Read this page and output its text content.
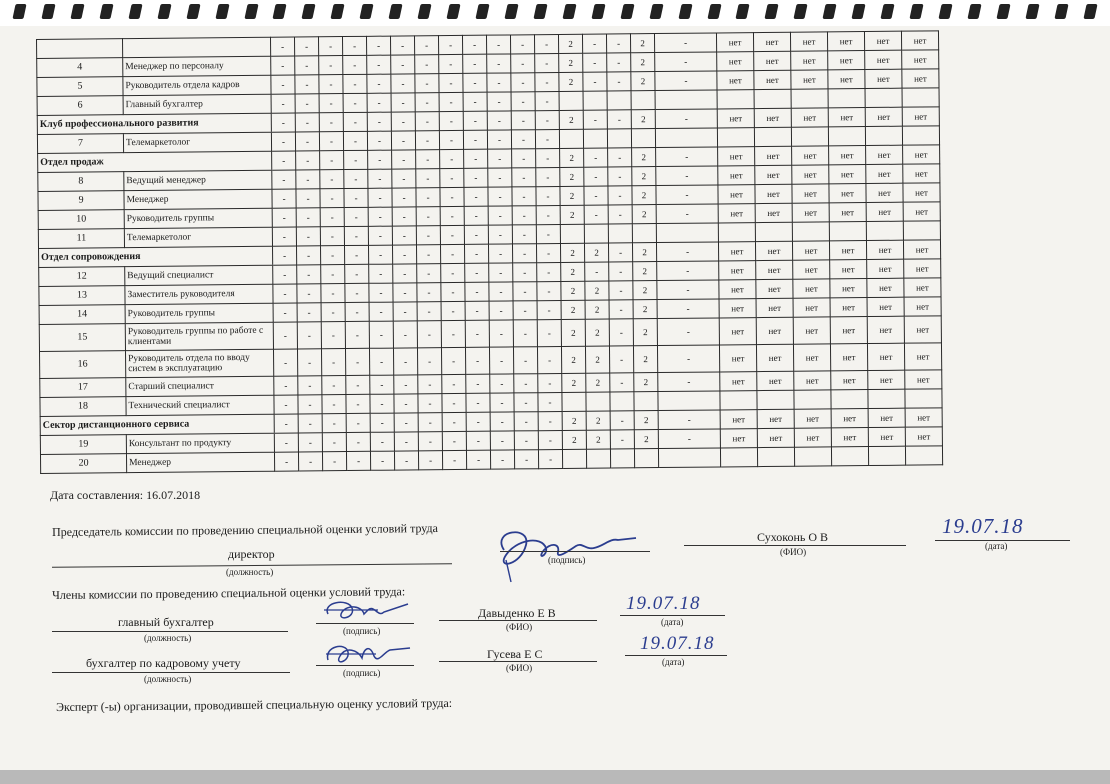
		-	-	-	-	-	-	-	-	-	-	-	-	2	-	-	2	-	нет	нет	нет	нет	нет	нет
4	Менеджер по персоналу	-	-	-	-	-	-	-	-	-	-	-	-	2	-	-	2	-	нет	нет	нет	нет	нет	нет
5	Руководитель отдела кадров	-	-	-	-	-	-	-	-	-	-	-	-	2	-	-	2	-	нет	нет	нет	нет	нет	нет
6	Главный бухгалтер	-	-	-	-	-	-	-	-	-	-	-	-											
Клуб профессионального развития		-	-	-	-	-	-	-	-	-	-	-	-	2	-	-	2	-	нет	нет	нет	нет	нет	нет
7	Телемаркетолог	-	-	-	-	-	-	-	-	-	-	-	-											
Отдел продаж		-	-	-	-	-	-	-	-	-	-	-	-	2	-	-	2	-	нет	нет	нет	нет	нет	нет
8	Ведущий менеджер	-	-	-	-	-	-	-	-	-	-	-	-	2	-	-	2	-	нет	нет	нет	нет	нет	нет
9	Менеджер	-	-	-	-	-	-	-	-	-	-	-	-	2	-	-	2	-	нет	нет	нет	нет	нет	нет
10	Руководитель группы	-	-	-	-	-	-	-	-	-	-	-	-	2	-	-	2	-	нет	нет	нет	нет	нет	нет
11	Телемаркетолог	-	-	-	-	-	-	-	-	-	-	-	-											
Отдел сопровождения		-	-	-	-	-	-	-	-	-	-	-	-	2	2	-	2	-	нет	нет	нет	нет	нет	нет
12	Ведущий специалист	-	-	-	-	-	-	-	-	-	-	-	-	2	-	-	2	-	нет	нет	нет	нет	нет	нет
13	Заместитель руководителя	-	-	-	-	-	-	-	-	-	-	-	-	2	2	-	2	-	нет	нет	нет	нет	нет	нет
14	Руководитель группы	-	-	-	-	-	-	-	-	-	-	-	-	2	2	-	2	-	нет	нет	нет	нет	нет	нет
15	Руководитель группы по работе с клиентами	-	-	-	-	-	-	-	-	-	-	-	-	2	2	-	2	-	нет	нет	нет	нет	нет	нет
16	Руководитель отдела по вводу систем в эксплуатацию	-	-	-	-	-	-	-	-	-	-	-	-	2	2	-	2	-	нет	нет	нет	нет	нет	нет
17	Старший специалист	-	-	-	-	-	-	-	-	-	-	-	-	2	2	-	2	-	нет	нет	нет	нет	нет	нет
18	Технический специалист	-	-	-	-	-	-	-	-	-	-	-	-											
Сектор дистанционного сервиса		-	-	-	-	-	-	-	-	-	-	-	-	2	2	-	2	-	нет	нет	нет	нет	нет	нет
19	Консультант по продукту	-	-	-	-	-	-	-	-	-	-	-	-	2	2	-	2	-	нет	нет	нет	нет	нет	нет
20	Менеджер	-	-	-	-	-	-	-	-	-	-	-	-											
Дата составления: 16.07.2018
Председатель комиссии по проведению специальной оценки условий труда
директор
(должность)
(подпись)
Сухоконь О В
(ФИО)
19.07.18
(дата)
Члены комиссии по проведению специальной оценки условий труда:
главный бухгалтер
(должность)
(подпись)
Давыденко Е В
(ФИО)
19.07.18
(дата)
бухгалтер по кадровому учету
(должность)
(подпись)
Гусева Е С
(ФИО)
19.07.18
(дата)
Эксперт (-ы) организации, проводившей специальную оценку условий труда:
